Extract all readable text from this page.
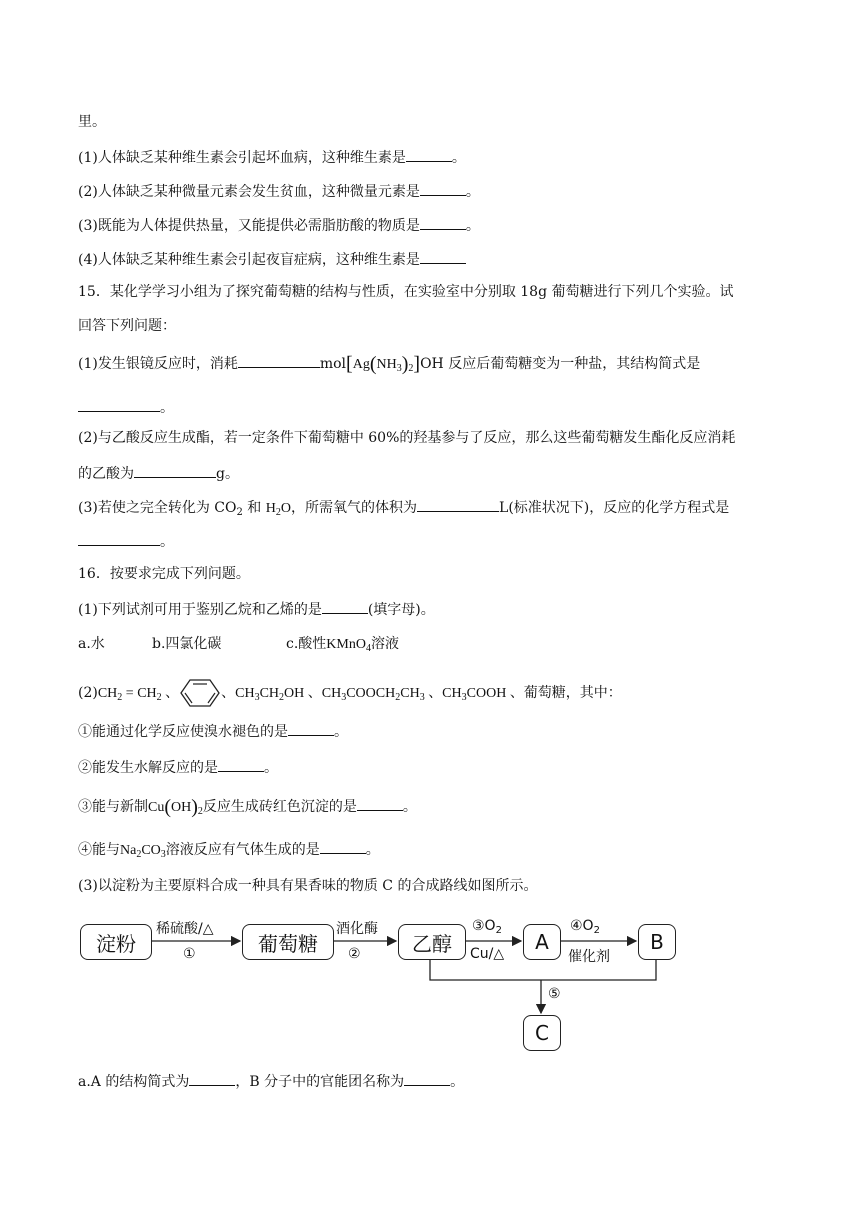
里。
(1)人体缺乏某种维生素会引起坏血病，这种维生素是	。
(2)人体缺乏某种微量元素会发生贫血，这种微量元素是	。
(3)既能为人体提供热量，又能提供必需脂肪酸的物质是	。
(4)人体缺乏某种维生素会引起夜盲症病，这种维生素是
15．某化学学习小组为了探究葡萄糖的结构与性质，在实验室中分别取 18g 葡萄糖进行下列几个实验。试
回答下列问题：
(1)发生银镜反应时，消耗	$mol[Ag(NH_3)_2]OH$ 反应后葡萄糖变为一种盐，其结构简式是
。
(2)与乙酸反应生成酯，若一定条件下葡萄糖中 60%的羟基参与了反应，那么这些葡萄糖发生酯化反应消耗
的乙酸为	g。
(3)若使之完全转化为 $CO_2$ 和 $H_2O$，所需氧气的体积为	L(标准状况下)，反应的化学方程式是
。
16．按要求完成下列问题。
(1)下列试剂可用于鉴别乙烷和乙烯的是	(填字母)。
a.水	b.四氯化碳	c.酸性KMnO$_4$溶液
$(2)CH_2 = CH_2$ 、	、$CH_3CH_2OH$ 、$CH_3COOCH_2CH_3$ 、$CH_3COOH$ 、葡萄糖，其中：
①能通过化学反应使溴水褪色的是	。
②能发生水解反应的是	。
③能与新制$Cu(OH)_2$反应生成砖红色沉淀的是	。
④能与$Na_2CO_3$溶液反应有气体生成的是	。
(3)以淀粉为主要原料合成一种具有果香味的物质 C 的合成路线如图所示。
淀粉	葡萄糖	乙醇	A	B
C
稀硫酸/△
①
酒化酶
②
$③O_2$
Cu/△
$④O_2$
催化剂
⑤
a.A 的结构简式为	，B 分子中的官能团名称为	。
